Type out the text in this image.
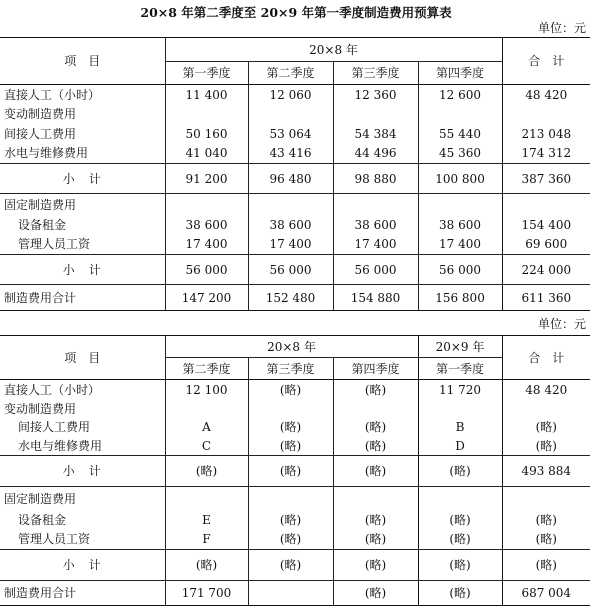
20×8 年第二季度至 20×9 年第一季度制造费用预算表
单位：元
项　目	20×8 年				合　计
	第一季度	第二季度	第三季度	第四季度	
直接人工（小时）	11 400	12 060	12 360	12 600	48 420
变动制造费用					
间接人工费用	50 160	53 064	54 384	55 440	213 048
水电与维修费用	41 040	43 416	44 496	45 360	174 312
小　计	91 200	96 480	98 880	100 800	387 360
固定制造费用					
设备租金	38 600	38 600	38 600	38 600	154 400
管理人员工资	17 400	17 400	17 400	17 400	69 600
小　计	56 000	56 000	56 000	56 000	224 000
制造费用合计	147 200	152 480	154 880	156 800	611 360
单位：元
项　目	20×8 年			20×9 年	合　计
	第二季度	第三季度	第四季度	第一季度	
直接人工（小时）	12 100	(略)	(略)	11 720	48 420
变动制造费用					
间接人工费用	A	(略)	(略)	B	(略)
水电与维修费用	C	(略)	(略)	D	(略)
小　计	(略)	(略)	(略)	(略)	493 884
固定制造费用					
设备租金	E	(略)	(略)	(略)	(略)
管理人员工资	F	(略)	(略)	(略)	(略)
小　计	(略)	(略)	(略)	(略)	(略)
制造费用合计	171 700		(略)	(略)	687 004
